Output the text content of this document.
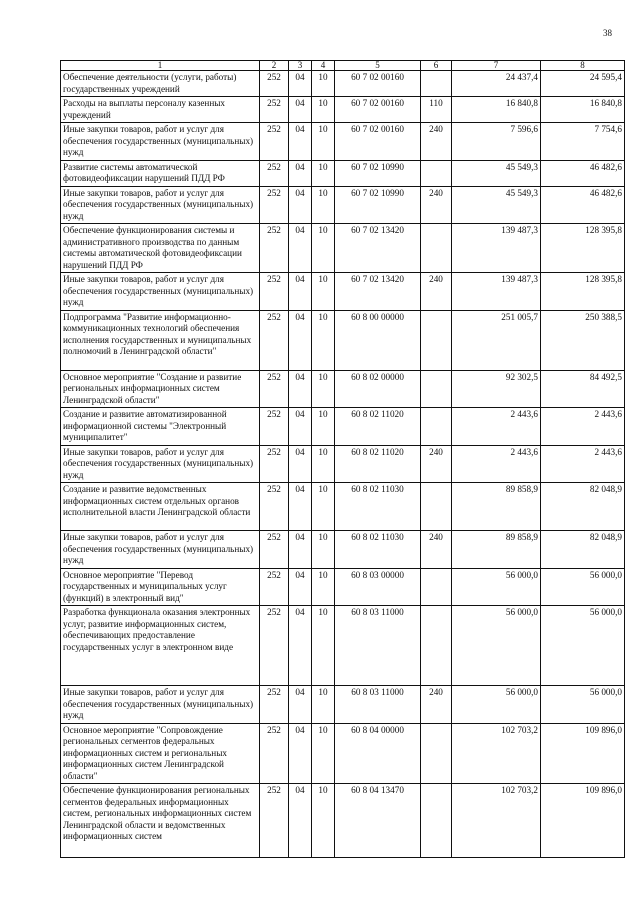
38
1	2	3	4	5	6	7	8
Обеспечение деятельности (услуги, работы) государственных учреждений	252	04	10	60 7 02 00160		24 437,4	24 595,4
Расходы на выплаты персоналу казенных учреждений	252	04	10	60 7 02 00160	110	16 840,8	16 840,8
Иные закупки товаров, работ и услуг для обеспечения государственных (муниципальных) нужд	252	04	10	60 7 02 00160	240	7 596,6	7 754,6
Развитие системы автоматической фотовидеофиксации нарушений ПДД РФ	252	04	10	60 7 02 10990		45 549,3	46 482,6
Иные закупки товаров, работ и услуг для обеспечения государственных (муниципальных) нужд	252	04	10	60 7 02 10990	240	45 549,3	46 482,6
Обеспечение функционирования системы и административного производства по данным системы автоматической фотовидеофиксации нарушений ПДД РФ	252	04	10	60 7 02 13420		139 487,3	128 395,8
Иные закупки товаров, работ и услуг для обеспечения государственных (муниципальных) нужд	252	04	10	60 7 02 13420	240	139 487,3	128 395,8
Подпрограмма "Развитие информационно-коммуникационных технологий обеспечения исполнения государственных и муниципальных полномочий в Ленинградской области"	252	04	10	60 8 00 00000		251 005,7	250 388,5
Основное мероприятие "Создание и развитие региональных информационных систем Ленинградской области"	252	04	10	60 8 02 00000		92 302,5	84 492,5
Создание и развитие автоматизированной информационной системы "Электронный муниципалитет"	252	04	10	60 8 02 11020		2 443,6	2 443,6
Иные закупки товаров, работ и услуг для обеспечения государственных (муниципальных) нужд	252	04	10	60 8 02 11020	240	2 443,6	2 443,6
Создание и развитие ведомственных информационных систем отдельных органов исполнительной власти Ленинградской области	252	04	10	60 8 02 11030		89 858,9	82 048,9
Иные закупки товаров, работ и услуг для обеспечения государственных (муниципальных) нужд	252	04	10	60 8 02 11030	240	89 858,9	82 048,9
Основное мероприятие "Перевод государственных и муниципальных услуг (функций) в электронный вид"	252	04	10	60 8 03 00000		56 000,0	56 000,0
Разработка функционала оказания электронных услуг, развитие информационных систем, обеспечивающих предоставление государственных услуг в электронном виде	252	04	10	60 8 03 11000		56 000,0	56 000,0
Иные закупки товаров, работ и услуг для обеспечения государственных (муниципальных) нужд	252	04	10	60 8 03 11000	240	56 000,0	56 000,0
Основное мероприятие "Сопровождение региональных сегментов федеральных информационных систем и региональных информационных систем Ленинградской области"	252	04	10	60 8 04 00000		102 703,2	109 896,0
Обеспечение функционирования региональных сегментов федеральных информационных систем, региональных информационных систем Ленинградской области и ведомственных информационных систем	252	04	10	60 8 04 13470		102 703,2	109 896,0
